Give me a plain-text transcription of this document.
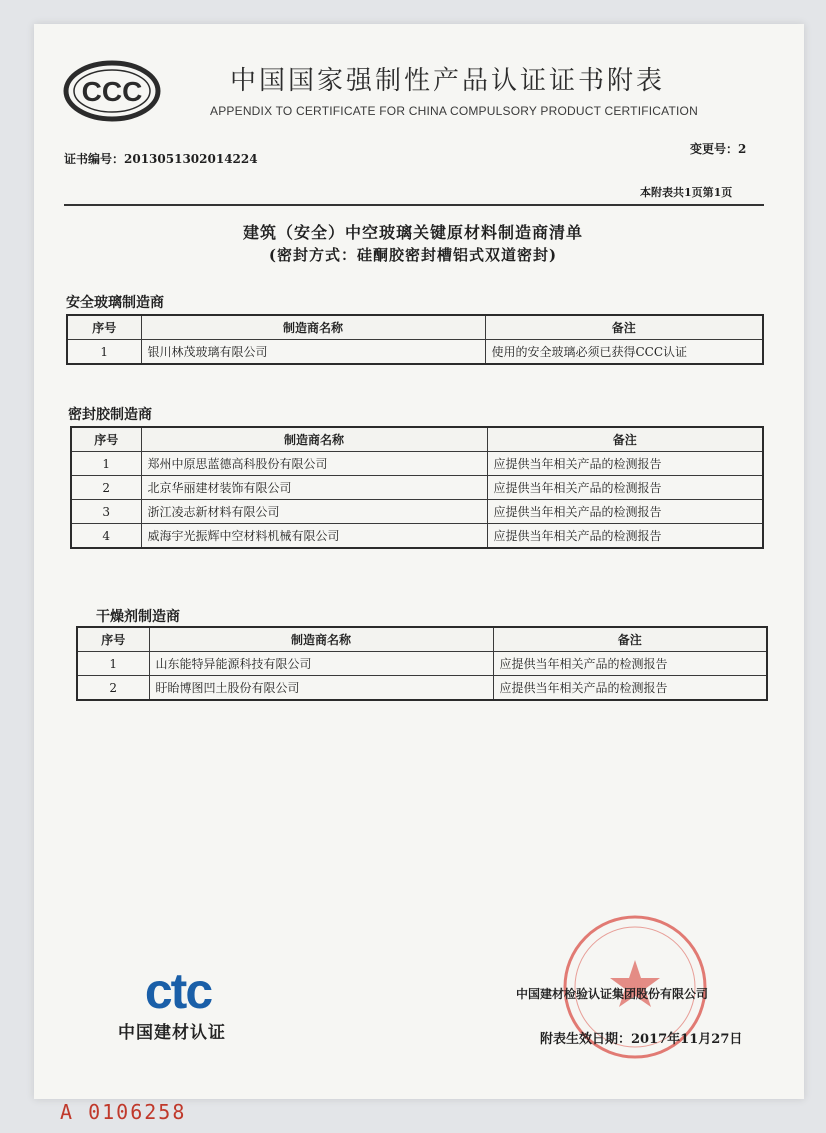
CCC	中国国家强制性产品认证证书附表
APPENDIX TO CERTIFICATE FOR CHINA COMPULSORY PRODUCT CERTIFICATION
证书编号：2013051302014224
变更号：2
本附表共1页第1页
建筑（安全）中空玻璃关键原材料制造商清单
(密封方式：硅酮胶密封槽铝式双道密封)
安全玻璃制造商
序号	制造商名称	备注
1	银川林茂玻璃有限公司	使用的安全玻璃必须已获得CCC认证
密封胶制造商
序号	制造商名称	备注
1	郑州中原思蓝德高科股份有限公司	应提供当年相关产品的检测报告
2	北京华丽建材装饰有限公司	应提供当年相关产品的检测报告
3	浙江凌志新材料有限公司	应提供当年相关产品的检测报告
4	威海宇光振辉中空材料机械有限公司	应提供当年相关产品的检测报告
干燥剂制造商
序号	制造商名称	备注
1	山东能特异能源科技有限公司	应提供当年相关产品的检测报告
2	盱眙博图凹土股份有限公司	应提供当年相关产品的检测报告
ctc
中国建材认证
中国建材检验认证集团股份有限公司
附表生效日期：2017年11月27日
A 0106258
